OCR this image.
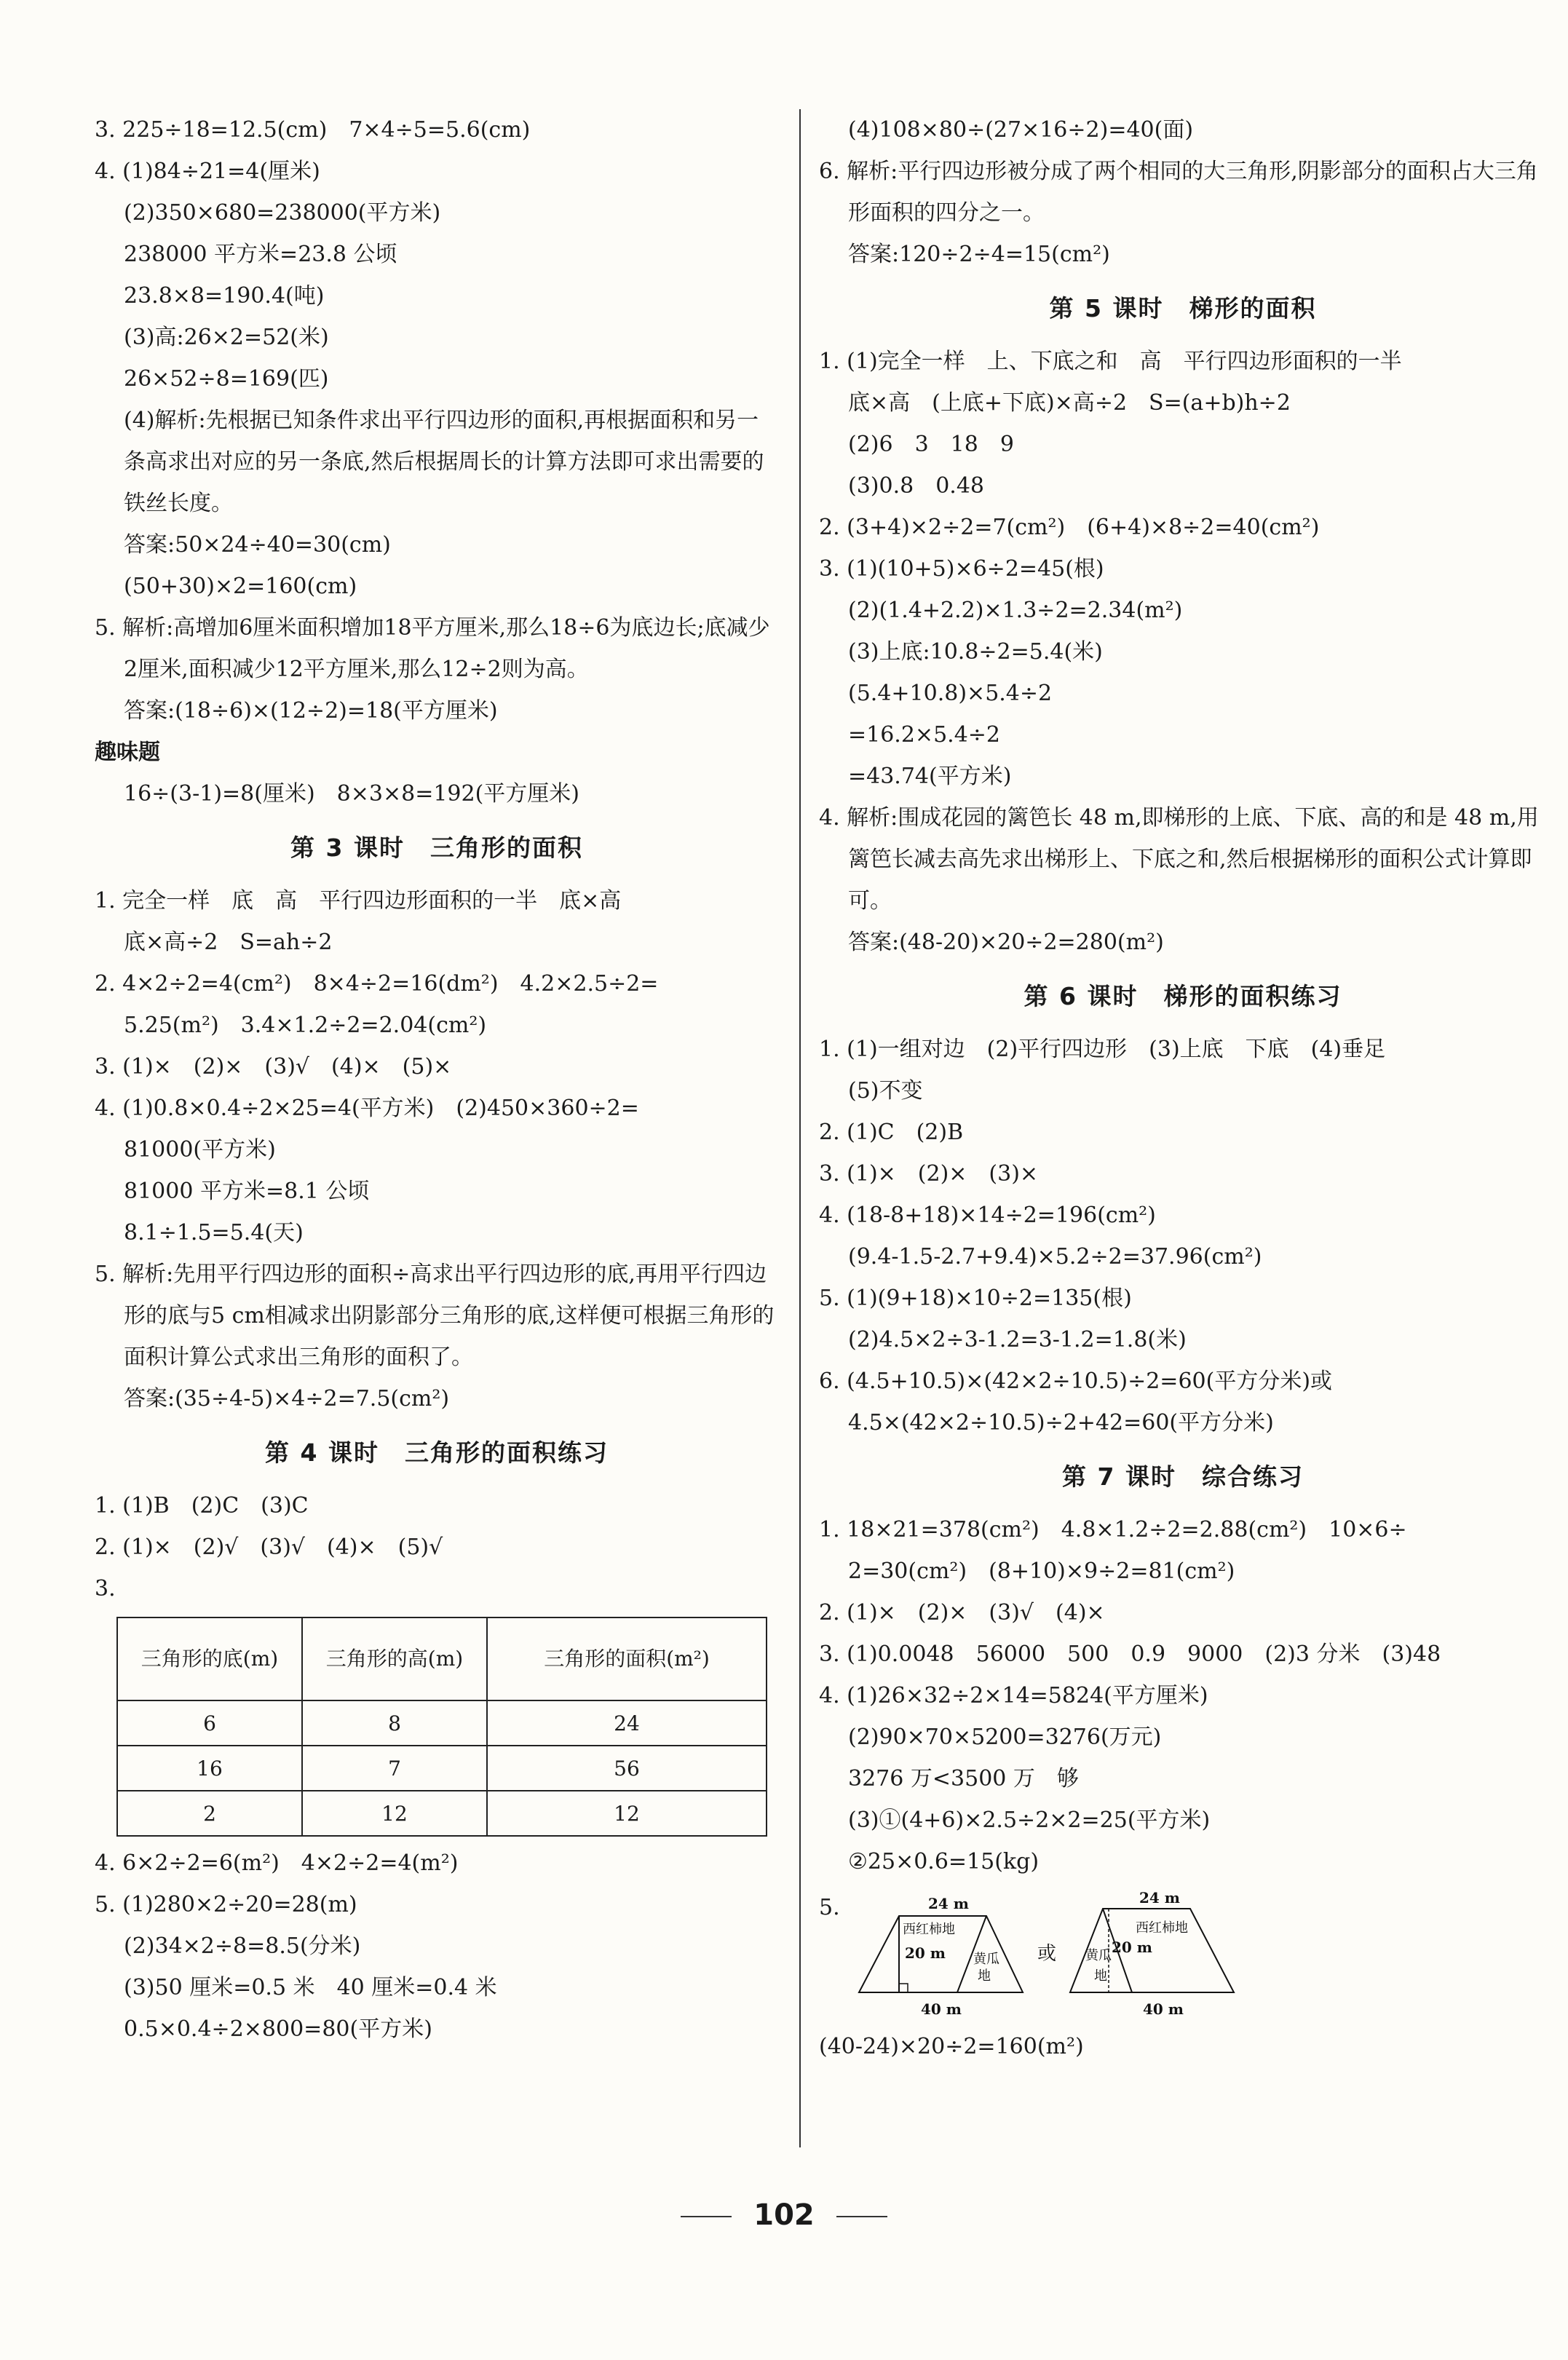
3. 225÷18=12.5(cm)　7×4÷5=5.6(cm)
4. (1)84÷21=4(厘米)
(2)350×680=238000(平方米)
238000 平方米=23.8 公顷
23.8×8=190.4(吨)
(3)高:26×2=52(米)
26×52÷8=169(匹)
(4)解析:先根据已知条件求出平行四边形的面积,再根据面积和另一条高求出对应的另一条底,然后根据周长的计算方法即可求出需要的铁丝长度。
答案:50×24÷40=30(cm)
(50+30)×2=160(cm)
5. 解析:高增加6厘米面积增加18平方厘米,那么18÷6为底边长;底减少2厘米,面积减少12平方厘米,那么12÷2则为高。
答案:(18÷6)×(12÷2)=18(平方厘米)
趣味题
16÷(3-1)=8(厘米)　8×3×8=192(平方厘米)
第 3 课时　三角形的面积
1. 完全一样　底　高　平行四边形面积的一半　底×高
底×高÷2　S=ah÷2
2. 4×2÷2=4(cm²)　8×4÷2=16(dm²)　4.2×2.5÷2=
5.25(m²)　3.4×1.2÷2=2.04(cm²)
3. (1)×　(2)×　(3)√　(4)×　(5)×
4. (1)0.8×0.4÷2×25=4(平方米)　(2)450×360÷2=
81000(平方米)
81000 平方米=8.1 公顷
8.1÷1.5=5.4(天)
5. 解析:先用平行四边形的面积÷高求出平行四边形的底,再用平行四边形的底与5 cm相减求出阴影部分三角形的底,这样便可根据三角形的面积计算公式求出三角形的面积了。
答案:(35÷4-5)×4÷2=7.5(cm²)
第 4 课时　三角形的面积练习
1. (1)B　(2)C　(3)C
2. (1)×　(2)√　(3)√　(4)×　(5)√
3.
三角形的底(m)	三角形的高(m)	三角形的面积(m²)
6	8	24
16	7	56
2	12	12
4. 6×2÷2=6(m²)　4×2÷2=4(m²)
5. (1)280×2÷20=28(m)
(2)34×2÷8=8.5(分米)
(3)50 厘米=0.5 米　40 厘米=0.4 米
0.5×0.4÷2×800=80(平方米)
(4)108×80÷(27×16÷2)=40(面)
6. 解析:平行四边形被分成了两个相同的大三角形,阴影部分的面积占大三角形面积的四分之一。
答案:120÷2÷4=15(cm²)
第 5 课时　梯形的面积
1. (1)完全一样　上、下底之和　高　平行四边形面积的一半
底×高　(上底+下底)×高÷2　S=(a+b)h÷2
(2)6　3　18　9
(3)0.8　0.48
2. (3+4)×2÷2=7(cm²)　(6+4)×8÷2=40(cm²)
3. (1)(10+5)×6÷2=45(根)
(2)(1.4+2.2)×1.3÷2=2.34(m²)
(3)上底:10.8÷2=5.4(米)
(5.4+10.8)×5.4÷2
=16.2×5.4÷2
=43.74(平方米)
4. 解析:围成花园的篱笆长 48 m,即梯形的上底、下底、高的和是 48 m,用篱笆长减去高先求出梯形上、下底之和,然后根据梯形的面积公式计算即可。
答案:(48-20)×20÷2=280(m²)
第 6 课时　梯形的面积练习
1. (1)一组对边　(2)平行四边形　(3)上底　下底　(4)垂足
(5)不变
2. (1)C　(2)B
3. (1)×　(2)×　(3)×
4. (18-8+18)×14÷2=196(cm²)
(9.4-1.5-2.7+9.4)×5.2÷2=37.96(cm²)
5. (1)(9+18)×10÷2=135(根)
(2)4.5×2÷3-1.2=3-1.2=1.8(米)
6. (4.5+10.5)×(42×2÷10.5)÷2=60(平方分米)或 4.5×(42×2÷10.5)÷2+42=60(平方分米)
第 7 课时　综合练习
1. 18×21=378(cm²)　4.8×1.2÷2=2.88(cm²)　10×6÷
2=30(cm²)　(8+10)×9÷2=81(cm²)
2. (1)×　(2)×　(3)√　(4)×
3. (1)0.0048　56000　500　0.9　9000　(2)3 分米　(3)48
4. (1)26×32÷2×14=5824(平方厘米)
(2)90×70×5200=3276(万元)
3276 万<3500 万　够
(3)①(4+6)×2.5÷2×2=25(平方米)
②25×0.6=15(kg)
5.	24 m
40 m
20 m
西红柿地
黄瓜
地
或
24 m
40 m
20 m
西红柿地
黄瓜
地
(40-24)×20÷2=160(m²)
102
